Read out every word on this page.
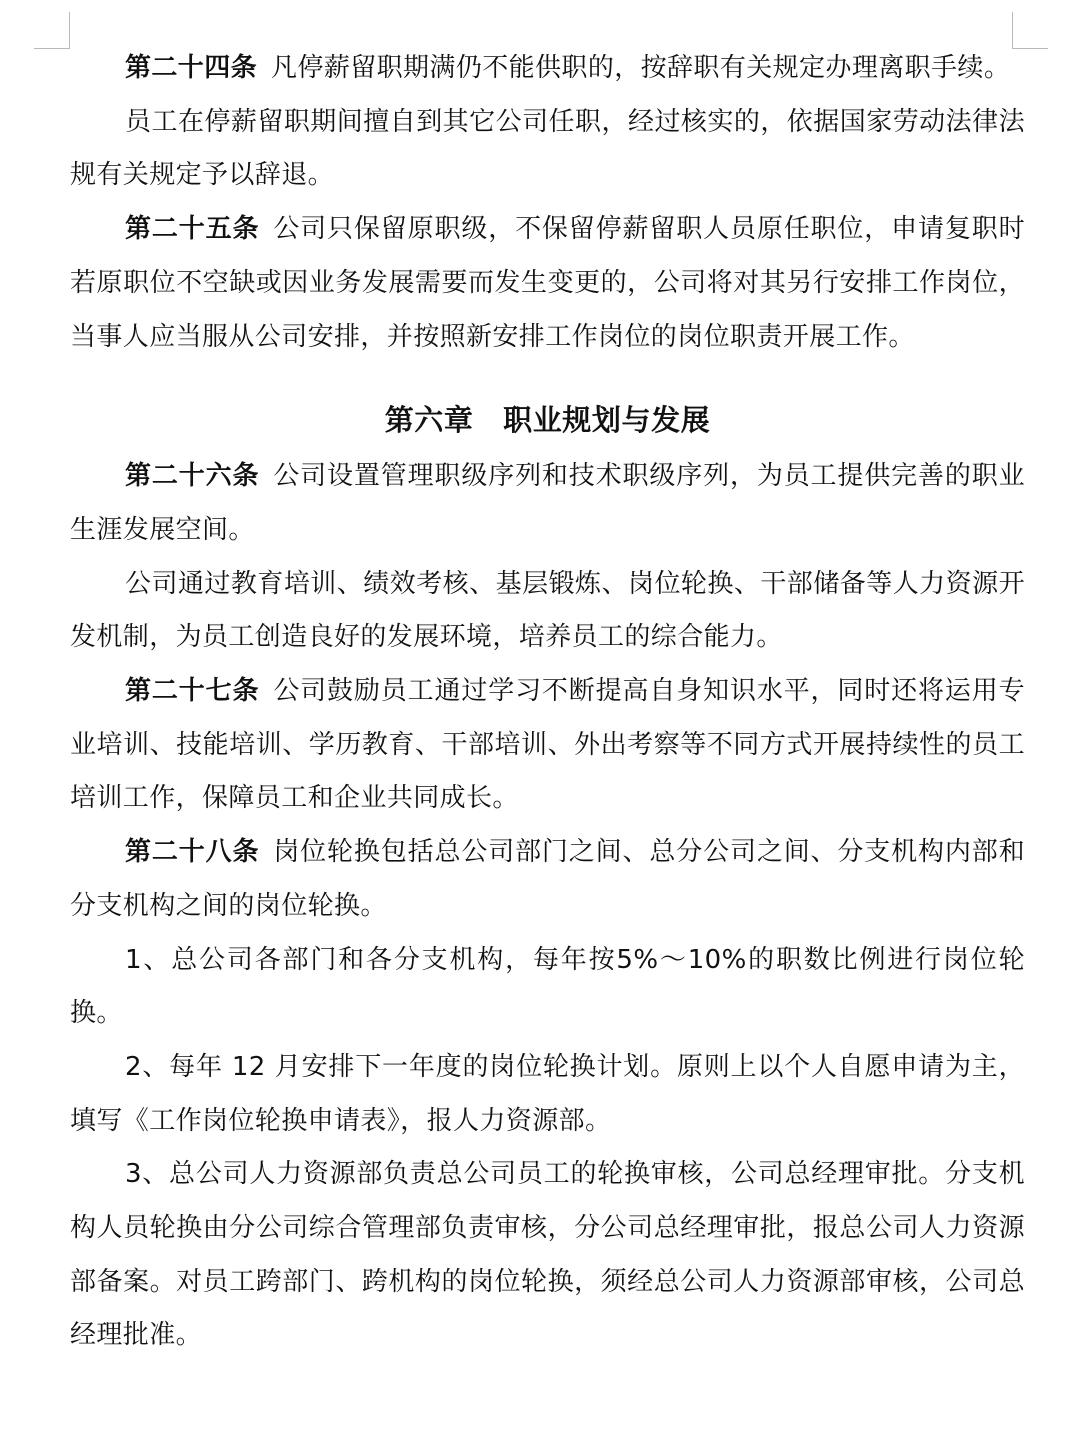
第二十四条 凡停薪留职期满仍不能供职的，按辞职有关规定办理离职手续。

员工在停薪留职期间擅自到其它公司任职，经过核实的，依据国家劳动法律法规有关规定予以辞退。

第二十五条 公司只保留原职级，不保留停薪留职人员原任职位，申请复职时若原职位不空缺或因业务发展需要而发生变更的，公司将对其另行安排工作岗位，当事人应当服从公司安排，并按照新安排工作岗位的岗位职责开展工作。

第六章　职业规划与发展

第二十六条 公司设置管理职级序列和技术职级序列，为员工提供完善的职业生涯发展空间。

公司通过教育培训、绩效考核、基层锻炼、岗位轮换、干部储备等人力资源开发机制，为员工创造良好的发展环境，培养员工的综合能力。

第二十七条 公司鼓励员工通过学习不断提高自身知识水平，同时还将运用专业培训、技能培训、学历教育、干部培训、外出考察等不同方式开展持续性的员工培训工作，保障员工和企业共同成长。

第二十八条 岗位轮换包括总公司部门之间、总分公司之间、分支机构内部和分支机构之间的岗位轮换。

1、总公司各部门和各分支机构，每年按5%～10%的职数比例进行岗位轮换。

2、每年 12 月安排下一年度的岗位轮换计划。原则上以个人自愿申请为主，填写《工作岗位轮换申请表》，报人力资源部。

3、总公司人力资源部负责总公司员工的轮换审核，公司总经理审批。分支机构人员轮换由分公司综合管理部负责审核，分公司总经理审批，报总公司人力资源部备案。对员工跨部门、跨机构的岗位轮换，须经总公司人力资源部审核，公司总经理批准。
